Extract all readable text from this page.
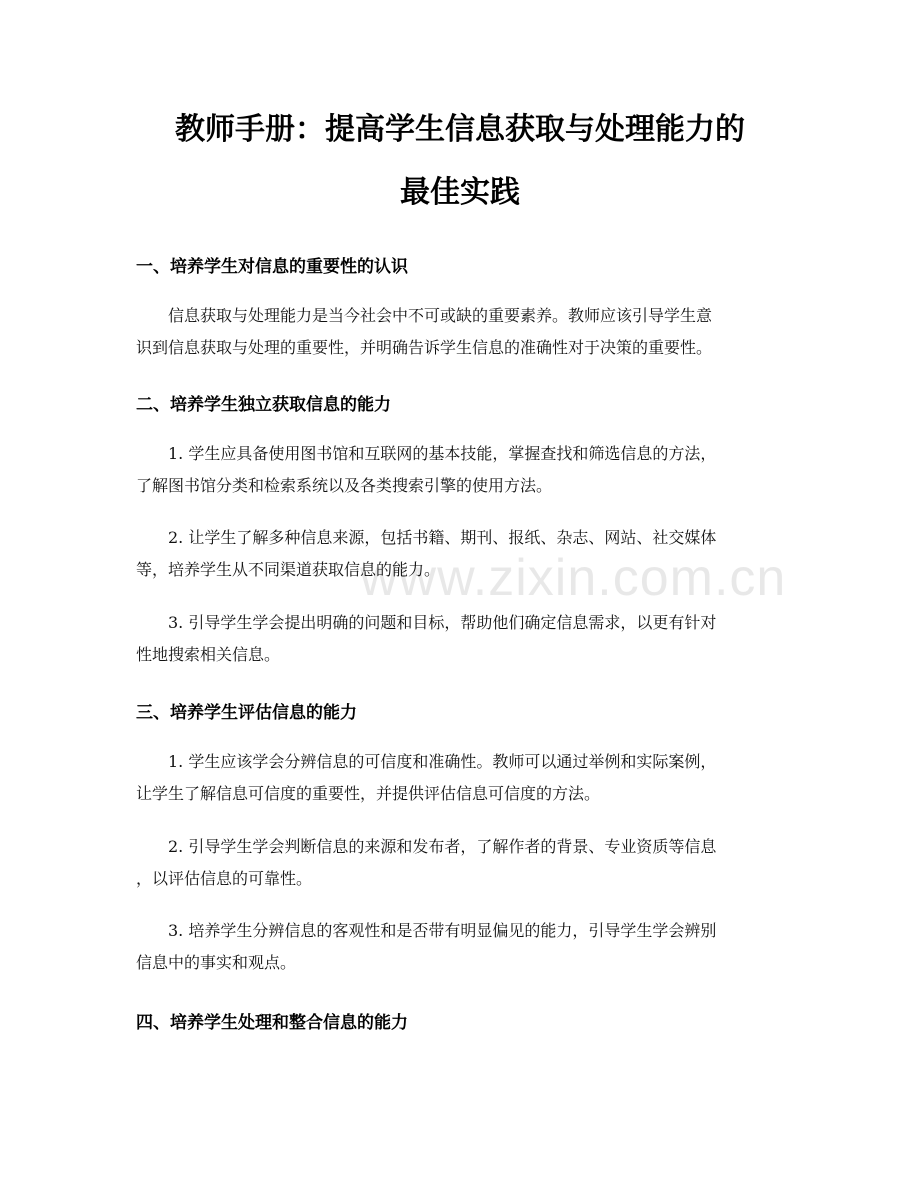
www.zixin.com.cn
教师手册：提高学生信息获取与处理能力的
最佳实践
一、培养学生对信息的重要性的认识

信息获取与处理能力是当今社会中不可或缺的重要素养。教师应该引导学生意
识到信息获取与处理的重要性，并明确告诉学生信息的准确性对于决策的重要性。

二、培养学生独立获取信息的能力

1. 学生应具备使用图书馆和互联网的基本技能，掌握查找和筛选信息的方法，
了解图书馆分类和检索系统以及各类搜索引擎的使用方法。

2. 让学生了解多种信息来源，包括书籍、期刊、报纸、杂志、网站、社交媒体
等，培养学生从不同渠道获取信息的能力。

3. 引导学生学会提出明确的问题和目标，帮助他们确定信息需求，以更有针对
性地搜索相关信息。

三、培养学生评估信息的能力

1. 学生应该学会分辨信息的可信度和准确性。教师可以通过举例和实际案例，
让学生了解信息可信度的重要性，并提供评估信息可信度的方法。

2. 引导学生学会判断信息的来源和发布者，了解作者的背景、专业资质等信息
，以评估信息的可靠性。

3. 培养学生分辨信息的客观性和是否带有明显偏见的能力，引导学生学会辨别
信息中的事实和观点。

四、培养学生处理和整合信息的能力
